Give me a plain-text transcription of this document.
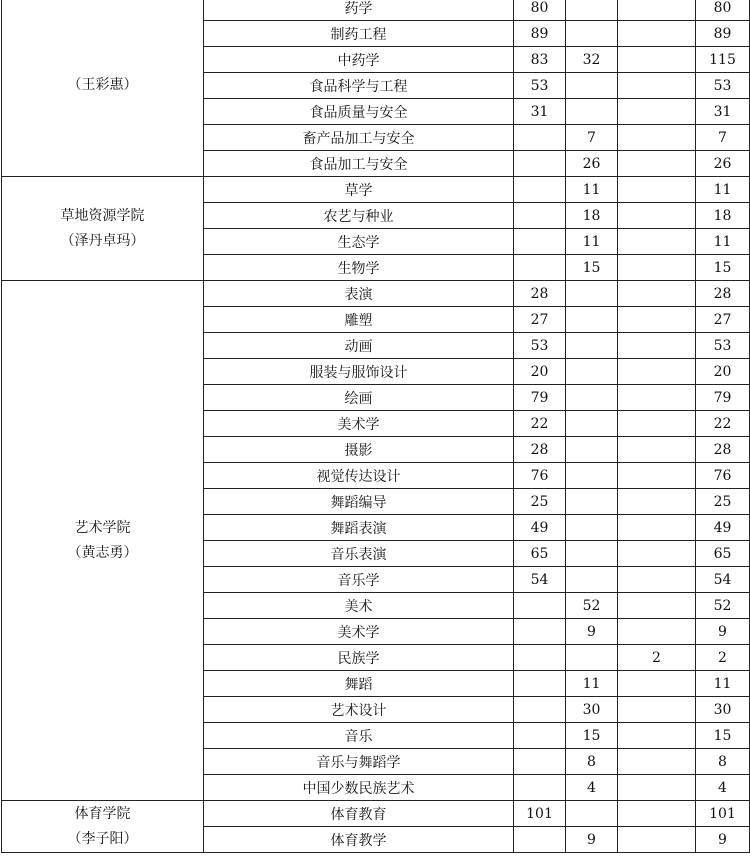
（王彩惠）	药学	80			80
	制药工程	89			89
	中药学	83	32		115
	食品科学与工程	53			53
	食品质量与安全	31			31
	畜产品加工与安全		7		7
	食品加工与安全		26		26

草地资源学院
（泽丹卓玛）	草学		11		11
	农艺与种业		18		18
	生态学		11		11
	生物学		15		15

艺术学院
（黄志勇）	表演	28			28
	雕塑	27			27
	动画	53			53
	服装与服饰设计	20			20
	绘画	79			79
	美术学	22			22
	摄影	28			28
	视觉传达设计	76			76
	舞蹈编导	25			25
	舞蹈表演	49			49
	音乐表演	65			65
	音乐学	54			54
	美术		52		52
	美术学		9		9
	民族学			2	2
	舞蹈		11		11
	艺术设计		30		30
	音乐		15		15
	音乐与舞蹈学		8		8
	中国少数民族艺术		4		4

体育学院
（李子阳）	体育教育	101			101
	体育教学		9		9
